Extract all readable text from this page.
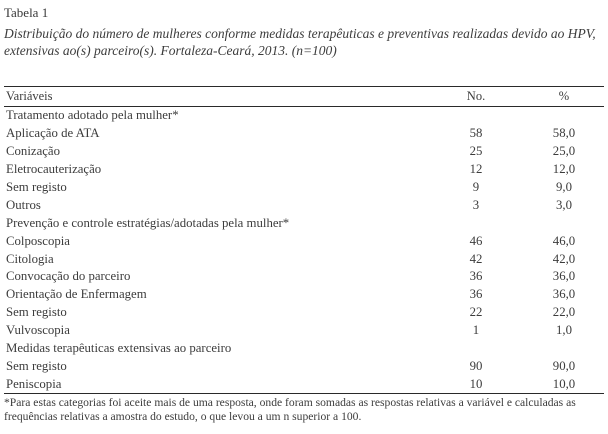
Tabela 1
Distribuição do número de mulheres conforme medidas terapêuticas e preventivas realizadas devido ao HPV, extensivas ao(s) parceiro(s). Fortaleza-Ceará, 2013. (n=100)
Variáveis	No.	%
Tratamento adotado pela mulher*
Aplicação de ATA	58	58,0
Conização	25	25,0
Eletrocauterização	12	12,0
Sem registo	9	9,0
Outros	3	3,0
Prevenção e controle estratégias/adotadas pela mulher*
Colposcopia	46	46,0
Citologia	42	42,0
Convocação do parceiro	36	36,0
Orientação de Enfermagem	36	36,0
Sem registo	22	22,0
Vulvoscopia	1	1,0
Medidas terapêuticas extensivas ao parceiro
Sem registo	90	90,0
Peniscopia	10	10,0
*Para estas categorias foi aceite mais de uma resposta, onde foram somadas as respostas relativas a variável e calculadas as frequências relativas a amostra do estudo, o que levou a um n superior a 100.
